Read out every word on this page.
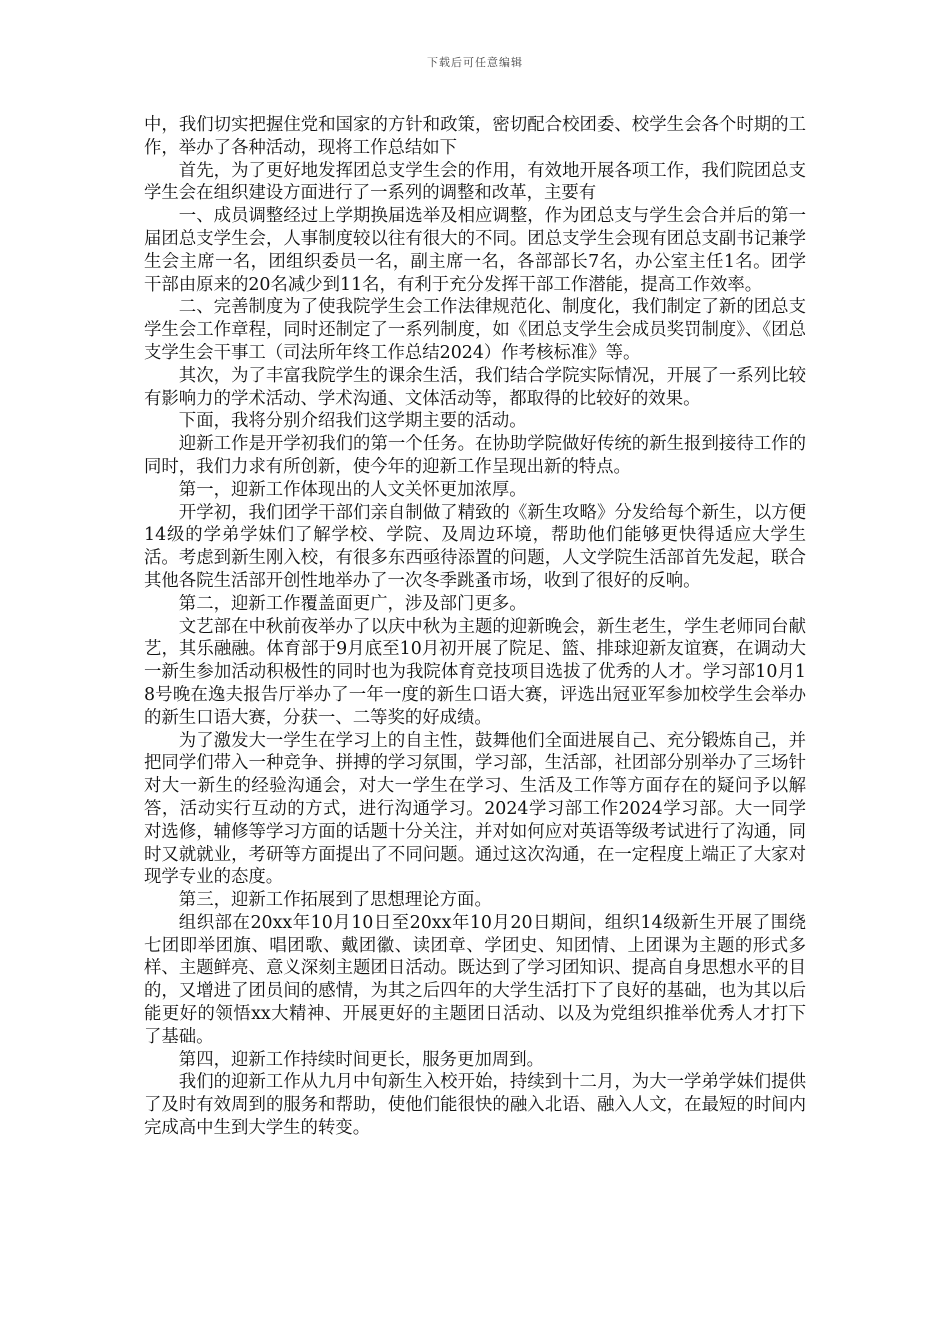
下载后可任意编辑

中，我们切实把握住党和国家的方针和政策，密切配合校团委、校学生会各个时期的工作，举办了各种活动，现将工作总结如下

首先，为了更好地发挥团总支学生会的作用，有效地开展各项工作，我们院团总支学生会在组织建设方面进行了一系列的调整和改革，主要有

一、成员调整经过上学期换届选举及相应调整，作为团总支与学生会合并后的第一届团总支学生会，人事制度较以往有很大的不同。团总支学生会现有团总支副书记兼学生会主席一名，团组织委员一名，副主席一名，各部部长7名，办公室主任1名。团学干部由原来的20名减少到11名，有利于充分发挥干部工作潜能，提高工作效率。

二、完善制度为了使我院学生会工作法律规范化、制度化，我们制定了新的团总支学生会工作章程，同时还制定了一系列制度，如《团总支学生会成员奖罚制度》、《团总支学生会干事工（司法所年终工作总结2024）作考核标准》等。

其次，为了丰富我院学生的课余生活，我们结合学院实际情况，开展了一系列比较有影响力的学术活动、学术沟通、文体活动等，都取得的比较好的效果。

下面，我将分别介绍我们这学期主要的活动。

迎新工作是开学初我们的第一个任务。在协助学院做好传统的新生报到接待工作的同时，我们力求有所创新，使今年的迎新工作呈现出新的特点。

第一，迎新工作体现出的人文关怀更加浓厚。

开学初，我们团学干部们亲自制做了精致的《新生攻略》分发给每个新生，以方便14级的学弟学妹们了解学校、学院、及周边环境，帮助他们能够更快得适应大学生活。考虑到新生刚入校，有很多东西亟待添置的问题，人文学院生活部首先发起，联合其他各院生活部开创性地举办了一次冬季跳蚤市场，收到了很好的反响。

第二，迎新工作覆盖面更广，涉及部门更多。

文艺部在中秋前夜举办了以庆中秋为主题的迎新晚会，新生老生，学生老师同台献艺，其乐融融。体育部于9月底至10月初开展了院足、篮、排球迎新友谊赛，在调动大一新生参加活动积极性的同时也为我院体育竞技项目选拔了优秀的人才。学习部10月18号晚在逸夫报告厅举办了一年一度的新生口语大赛，评选出冠亚军参加校学生会举办的新生口语大赛，分获一、二等奖的好成绩。

为了激发大一学生在学习上的自主性，鼓舞他们全面进展自己、充分锻炼自己，并把同学们带入一种竞争、拼搏的学习氛围，学习部，生活部，社团部分别举办了三场针对大一新生的经验沟通会，对大一学生在学习、生活及工作等方面存在的疑问予以解答，活动实行互动的方式，进行沟通学习。2024学习部工作2024学习部。大一同学对选修，辅修等学习方面的话题十分关注，并对如何应对英语等级考试进行了沟通，同时又就就业，考研等方面提出了不同问题。通过这次沟通，在一定程度上端正了大家对现学专业的态度。

第三，迎新工作拓展到了思想理论方面。

组织部在20xx年10月10日至20xx年10月20日期间，组织14级新生开展了围绕七团即举团旗、唱团歌、戴团徽、读团章、学团史、知团情、上团课为主题的形式多样、主题鲜亮、意义深刻主题团日活动。既达到了学习团知识、提高自身思想水平的目的，又增进了团员间的感情，为其之后四年的大学生活打下了良好的基础，也为其以后能更好的领悟xx大精神、开展更好的主题团日活动、以及为党组织推举优秀人才打下了基础。

第四，迎新工作持续时间更长，服务更加周到。

我们的迎新工作从九月中旬新生入校开始，持续到十二月，为大一学弟学妹们提供了及时有效周到的服务和帮助，使他们能很快的融入北语、融入人文，在最短的时间内完成高中生到大学生的转变。
